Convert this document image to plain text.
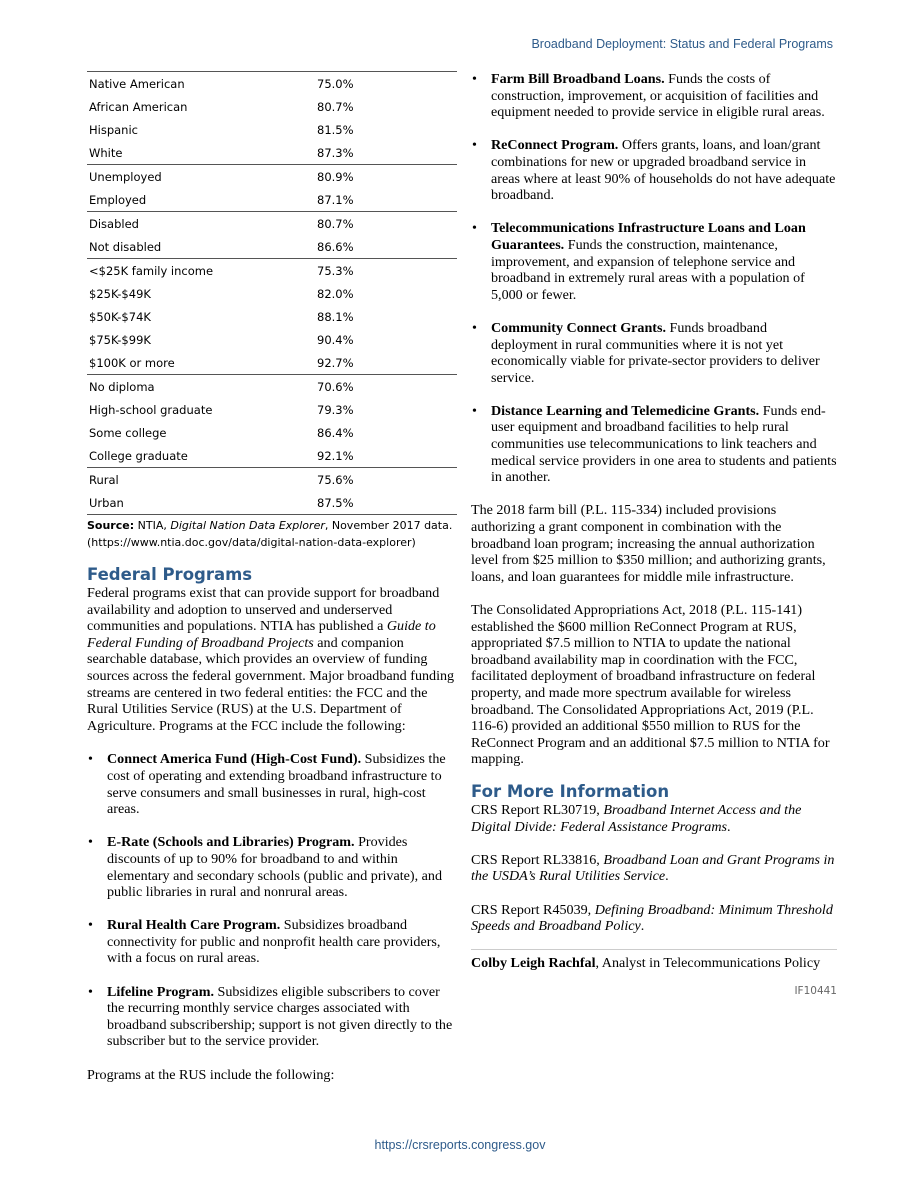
Broadband Deployment: Status and Federal Programs
Native American	75.0%
African American	80.7%
Hispanic	81.5%
White	87.3%
Unemployed	80.9%
Employed	87.1%
Disabled	80.7%
Not disabled	86.6%
<$25K family income	75.3%
$25K-$49K	82.0%
$50K-$74K	88.1%
$75K-$99K	90.4%
$100K or more	92.7%
No diploma	70.6%
High-school graduate	79.3%
Some college	86.4%
College graduate	92.1%
Rural	75.6%
Urban	87.5%
Source: NTIA, Digital Nation Data Explorer, November 2017 data. (https://www.ntia.doc.gov/data/digital-nation-data-explorer)
Federal Programs

Federal programs exist that can provide support for broadband availability and adoption to unserved and underserved communities and populations. NTIA has published a Guide to Federal Funding of Broadband Projects and companion searchable database, which provides an overview of funding sources across the federal government. Major broadband funding streams are centered in two federal entities: the FCC and the Rural Utilities Service (RUS) at the U.S. Department of Agriculture. Programs at the FCC include the following:

• Connect America Fund (High-Cost Fund). Subsidizes the cost of operating and extending broadband infrastructure to serve consumers and small businesses in rural, high-cost areas.
• E-Rate (Schools and Libraries) Program. Provides discounts of up to 90% for broadband to and within elementary and secondary schools (public and private), and public libraries in rural and nonrural areas.
• Rural Health Care Program. Subsidizes broadband connectivity for public and nonprofit health care providers, with a focus on rural areas.
• Lifeline Program. Subsidizes eligible subscribers to cover the recurring monthly service charges associated with broadband subscribership; support is not given directly to the subscriber but to the service provider.

Programs at the RUS include the following:

• Farm Bill Broadband Loans. Funds the costs of construction, improvement, or acquisition of facilities and equipment needed to provide service in eligible rural areas.
• ReConnect Program. Offers grants, loans, and loan/grant combinations for new or upgraded broadband service in areas where at least 90% of households do not have adequate broadband.
• Telecommunications Infrastructure Loans and Loan Guarantees. Funds the construction, maintenance, improvement, and expansion of telephone service and broadband in extremely rural areas with a population of 5,000 or fewer.
• Community Connect Grants. Funds broadband deployment in rural communities where it is not yet economically viable for private-sector providers to deliver service.
• Distance Learning and Telemedicine Grants. Funds end-user equipment and broadband facilities to help rural communities use telecommunications to link teachers and medical service providers in one area to students and patients in another.

The 2018 farm bill (P.L. 115-334) included provisions authorizing a grant component in combination with the broadband loan program; increasing the annual authorization level from $25 million to $350 million; and authorizing grants, loans, and loan guarantees for middle mile infrastructure.

The Consolidated Appropriations Act, 2018 (P.L. 115-141) established the $600 million ReConnect Program at RUS, appropriated $7.5 million to NTIA to update the national broadband availability map in coordination with the FCC, facilitated deployment of broadband infrastructure on federal property, and made more spectrum available for wireless broadband. The Consolidated Appropriations Act, 2019 (P.L. 116-6) provided an additional $550 million to RUS for the ReConnect Program and an additional $7.5 million to NTIA for mapping.

For More Information

CRS Report RL30719, Broadband Internet Access and the Digital Divide: Federal Assistance Programs.

CRS Report RL33816, Broadband Loan and Grant Programs in the USDA’s Rural Utilities Service.

CRS Report R45039, Defining Broadband: Minimum Threshold Speeds and Broadband Policy.

Colby Leigh Rachfal, Analyst in Telecommunications Policy

IF10441
https://crsreports.congress.gov
